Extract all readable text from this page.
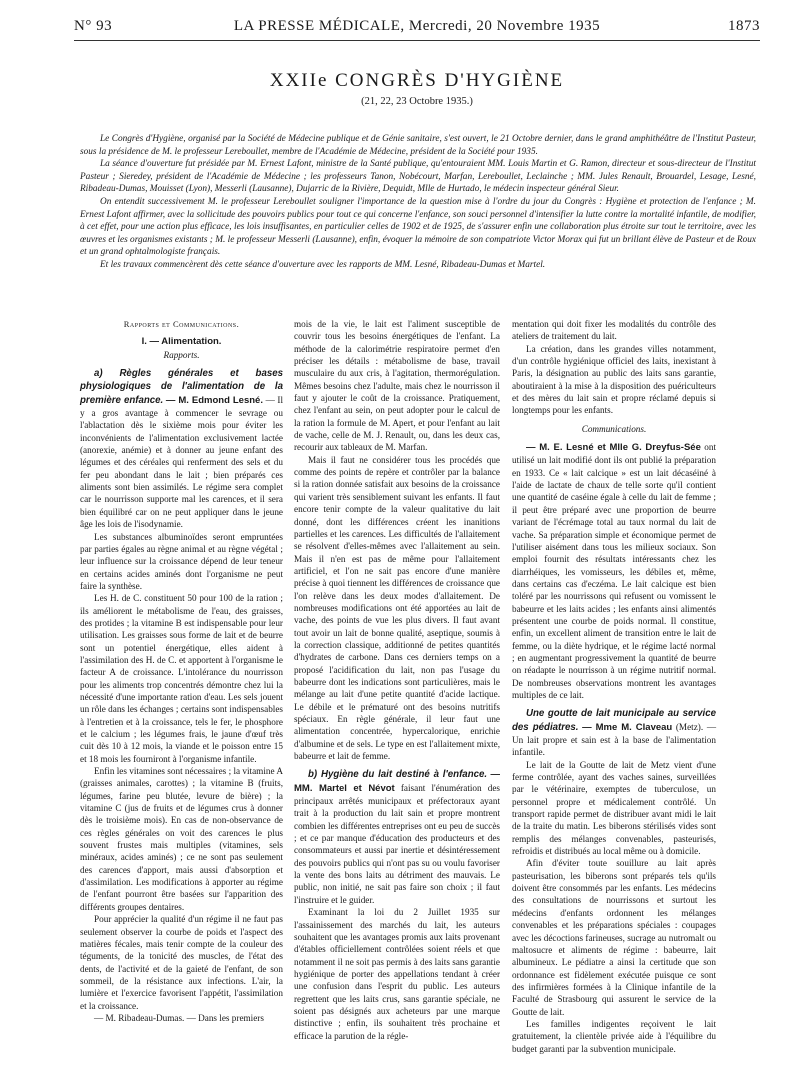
N° 93	LA PRESSE MÉDICALE, Mercredi, 20 Novembre 1935	1873
XXIIe CONGRÈS D'HYGIÈNE
(21, 22, 23 Octobre 1935.)

Le Congrès d'Hygiène, organisé par la Société de Médecine publique et de Génie sanitaire, s'est ouvert, le 21 Octobre dernier, dans le grand amphithéâtre de l'Institut Pasteur, sous la présidence de M. le professeur Lereboullet, membre de l'Académie de Médecine, président de la Société pour 1935.

La séance d'ouverture fut présidée par M. Ernest Lafont, ministre de la Santé publique, qu'entouraient MM. Louis Martin et G. Ramon, directeur et sous-directeur de l'Institut Pasteur ; Sieredey, président de l'Académie de Médecine ; les professeurs Tanon, Nobécourt, Marfan, Lereboullet, Leclainche ; MM. Jules Renault, Brouardel, Lesage, Lesné, Ribadeau-Dumas, Mouisset (Lyon), Messerli (Lausanne), Dujarric de la Rivière, Dequidt, Mlle de Hurtado, le médecin inspecteur général Sieur.

On entendit successivement M. le professeur Lereboullet souligner l'importance de la question mise à l'ordre du jour du Congrès : Hygiène et protection de l'enfance ; M. Ernest Lafont affirmer, avec la sollicitude des pouvoirs publics pour tout ce qui concerne l'enfance, son souci personnel d'intensifier la lutte contre la mortalité infantile, de modifier, à cet effet, pour une action plus efficace, les lois insuffisantes, en particulier celles de 1902 et de 1925, de s'assurer enfin une collaboration plus étroite sur tout le territoire, avec les œuvres et les organismes existants ; M. le professeur Messerli (Lausanne), enfin, évoquer la mémoire de son compatriote Victor Morax qui fut un brillant élève de Pasteur et de Roux et un grand ophtalmologiste français.

Et les travaux commencèrent dès cette séance d'ouverture avec les rapports de MM. Lesné, Ribadeau-Dumas et Martel.

Rapports et Communications.

I. — Alimentation.

Rapports.

a) Règles générales et bases physiologiques de l'alimentation de la première enfance. — M. Edmond Lesné. — Il y a gros avantage à commencer le sevrage ou l'ablactation dès le sixième mois pour éviter les inconvénients de l'alimentation exclusivement lactée (anorexie, anémie) et à donner au jeune enfant des légumes et des céréales qui renferment des sels et du fer peu abondant dans le lait ; bien préparés ces aliments sont bien assimilés. Le régime sera complet car le nourrisson supporte mal les carences, et il sera bien équilibré car on ne peut appliquer dans le jeune âge les lois de l'isodynamie.

Les substances albuminoïdes seront empruntées par parties égales au règne animal et au règne végétal ; leur influence sur la croissance dépend de leur teneur en certains acides aminés dont l'organisme ne peut faire la synthèse.

Les H. de C. constituent 50 pour 100 de la ration ; ils améliorent le métabolisme de l'eau, des graisses, des protides ; la vitamine B est indispensable pour leur utilisation. Les graisses sous forme de lait et de beurre sont un potentiel énergétique, elles aident à l'assimilation des H. de C. et apportent à l'organisme le facteur A de croissance. L'intolérance du nourrisson pour les aliments trop concentrés démontre chez lui la nécessité d'une importante ration d'eau. Les sels jouent un rôle dans les échanges ; certains sont indispensables à l'entretien et à la croissance, tels le fer, le phosphore et le calcium ; les légumes frais, le jaune d'œuf très cuit dès 10 à 12 mois, la viande et le poisson entre 15 et 18 mois les fourniront à l'organisme infantile.

Enfin les vitamines sont nécessaires ; la vitamine A (graisses animales, carottes) ; la vitamine B (fruits, légumes, farine peu blutée, levure de bière) ; la vitamine C (jus de fruits et de légumes crus à donner dès le troisième mois). En cas de non-observance de ces règles générales on voit des carences le plus souvent frustes mais multiples (vitamines, sels minéraux, acides aminés) ; ce ne sont pas seulement des carences d'apport, mais aussi d'absorption et d'assimilation. Les modifications à apporter au régime de l'enfant pourront être basées sur l'apparition des différents groupes dentaires.

Pour apprécier la qualité d'un régime il ne faut pas seulement observer la courbe de poids et l'aspect des matières fécales, mais tenir compte de la couleur des téguments, de la tonicité des muscles, de l'état des dents, de l'activité et de la gaieté de l'enfant, de son sommeil, de la résistance aux infections. L'air, la lumière et l'exercice favorisent l'appétit, l'assimilation et la croissance.

— M. Ribadeau-Dumas. — Dans les premiers

mois de la vie, le lait est l'aliment susceptible de couvrir tous les besoins énergétiques de l'enfant. La méthode de la calorimétrie respiratoire permet d'en préciser les détails : métabolisme de base, travail musculaire du aux cris, à l'agitation, thermorégulation. Mêmes besoins chez l'adulte, mais chez le nourrisson il faut y ajouter le coût de la croissance. Pratiquement, chez l'enfant au sein, on peut adopter pour le calcul de la ration la formule de M. Apert, et pour l'enfant au lait de vache, celle de M. J. Renault, ou, dans les deux cas, recourir aux tableaux de M. Marfan.

Mais il faut ne considérer tous les procédés que comme des points de repère et contrôler par la balance si la ration donnée satisfait aux besoins de la croissance qui varient très sensiblement suivant les enfants. Il faut encore tenir compte de la valeur qualitative du lait donné, dont les différences créent les inanitions partielles et les carences. Les difficultés de l'allaitement se résolvent d'elles-mêmes avec l'allaitement au sein. Mais il n'en est pas de même pour l'allaitement artificiel, et l'on ne sait pas encore d'une manière précise à quoi tiennent les différences de croissance que l'on relève dans les deux modes d'allaitement. De nombreuses modifications ont été apportées au lait de vache, des points de vue les plus divers. Il faut avant tout avoir un lait de bonne qualité, aseptique, soumis à la correction classique, additionné de petites quantités d'hydrates de carbone. Dans ces derniers temps on a proposé l'acidification du lait, non pas l'usage du babeurre dont les indications sont particulières, mais le mélange au lait d'une petite quantité d'acide lactique. Le débile et le prématuré ont des besoins nutritifs spéciaux. En règle générale, il leur faut une alimentation concentrée, hypercalorique, enrichie d'albumine et de sels. Le type en est l'allaitement mixte, babeurre et lait de femme.

b) Hygiène du lait destiné à l'enfance. — MM. Martel et Névot faisant l'énumération des principaux arrêtés municipaux et préfectoraux ayant trait à la production du lait sain et propre montrent combien les différentes entreprises ont eu peu de succès ; et ce par manque d'éducation des producteurs et des consommateurs et aussi par inertie et désintéressement des pouvoirs publics qui n'ont pas su ou voulu favoriser la vente des bons laits au détriment des mauvais. Le public, non initié, ne sait pas faire son choix ; il faut l'instruire et le guider.

Examinant la loi du 2 Juillet 1935 sur l'assainissement des marchés du lait, les auteurs souhaitent que les avantages promis aux laits provenant d'étables officiellement contrôlées soient réels et que notamment il ne soit pas permis à des laits sans garantie hygiénique de porter des appellations tendant à créer une confusion dans l'esprit du public. Les auteurs regrettent que les laits crus, sans garantie spéciale, ne soient pas désignés aux acheteurs par une marque distinctive ; enfin, ils souhaitent très prochaine et efficace la parution de la régle-

mentation qui doit fixer les modalités du contrôle des ateliers de traitement du lait.

La création, dans les grandes villes notamment, d'un contrôle hygiénique officiel des laits, inexistant à Paris, la désignation au public des laits sans garantie, aboutiraient à la mise à la disposition des puériculteurs et des mères du lait sain et propre réclamé depuis si longtemps pour les enfants.

Communications.

— M. E. Lesné et Mlle G. Dreyfus-Sée ont utilisé un lait modifié dont ils ont publié la préparation en 1933. Ce « lait calcique » est un lait décaséiné à l'aide de lactate de chaux de telle sorte qu'il contient une quantité de caséine égale à celle du lait de femme ; il peut être préparé avec une proportion de beurre variant de l'écrémage total au taux normal du lait de vache. Sa préparation simple et économique permet de l'utiliser aisément dans tous les milieux sociaux. Son emploi fournit des résultats intéressants chez les diarrhéiques, les vomisseurs, les débiles et, même, dans certains cas d'eczéma. Le lait calcique est bien toléré par les nourrissons qui refusent ou vomissent le babeurre et les laits acides ; les enfants ainsi alimentés présentent une courbe de poids normal. Il constitue, enfin, un excellent aliment de transition entre le lait de femme, ou la diète hydrique, et le régime lacté normal ; en augmentant progressivement la quantité de beurre on réadapte le nourrisson à un régime nutritif normal. De nombreuses observations montrent les avantages multiples de ce lait.

Une goutte de lait municipale au service des pédiatres. — Mme M. Claveau (Metz). — Un lait propre et sain est à la base de l'alimentation infantile.

Le lait de la Goutte de lait de Metz vient d'une ferme contrôlée, ayant des vaches saines, surveillées par le vétérinaire, exemptes de tuberculose, un personnel propre et médicalement contrôlé. Un transport rapide permet de distribuer avant midi le lait de la traite du matin. Les biberons stérilisés vides sont remplis des mélanges convenables, pasteurisés, refroidis et distribués au local même ou à domicile.

Afin d'éviter toute souillure au lait après pasteurisation, les biberons sont préparés tels qu'ils doivent être consommés par les enfants. Les médecins des consultations de nourrissons et surtout les médecins d'enfants ordonnent les mélanges convenables et les préparations spéciales : coupages avec les décoctions farineuses, sucrage au nutromalt ou maltosucre et aliments de régime : babeurre, lait albumineux. Le pédiatre a ainsi la certitude que son ordonnance est fidèlement exécutée puisque ce sont des infirmières formées à la Clinique infantile de la Faculté de Strasbourg qui assurent le service de la Goutte de lait.

Les familles indigentes reçoivent le lait gratuitement, la clientèle privée aide à l'équilibre du budget garanti par la subvention municipale.
